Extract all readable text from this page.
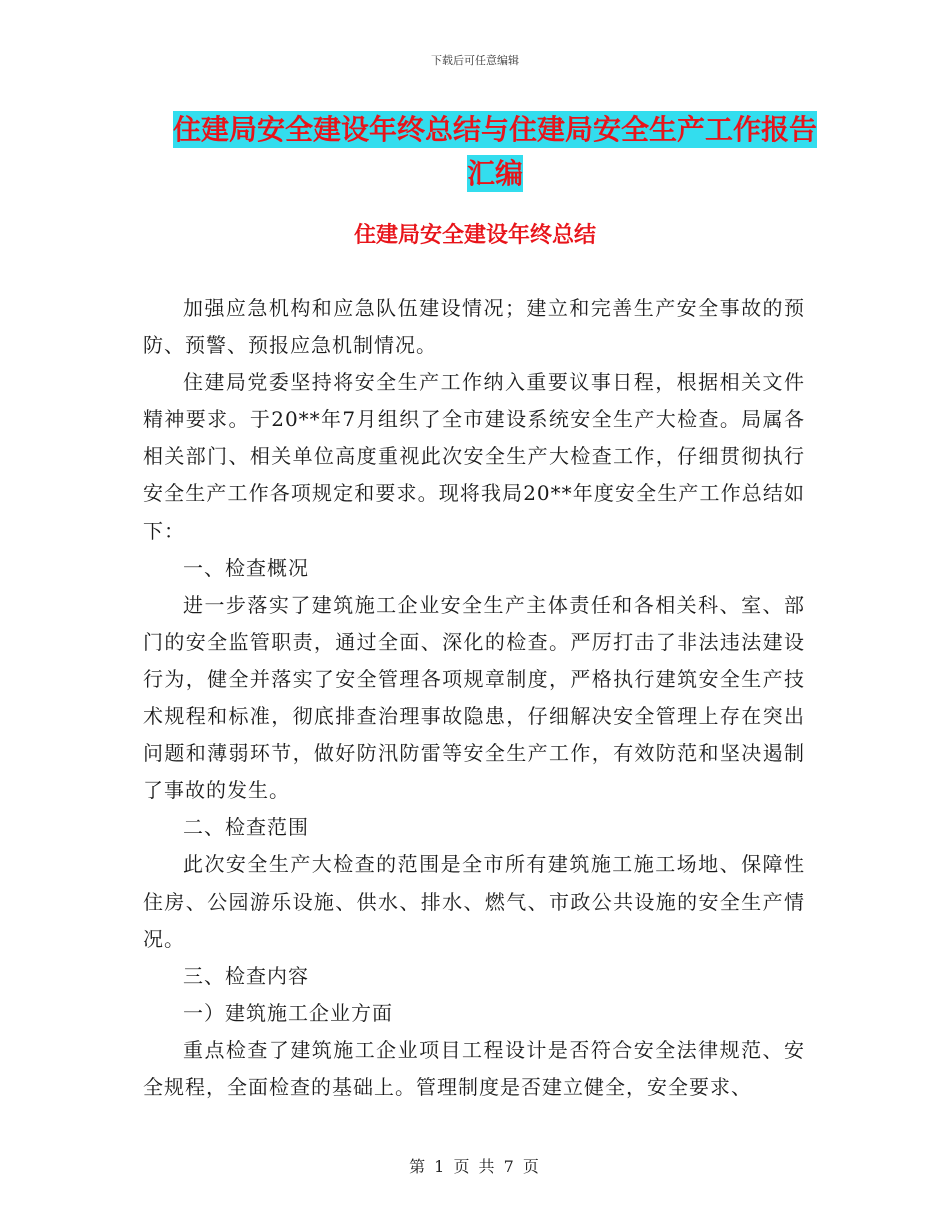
下载后可任意编辑
住建局安全建设年终总结与住建局安全生产工作报告
汇编
住建局安全建设年终总结

加强应急机构和应急队伍建设情况；建立和完善生产安全事故的预防、预警、预报应急机制情况。

住建局党委坚持将安全生产工作纳入重要议事日程，根据相关文件精神要求。于20**年7月组织了全市建设系统安全生产大检查。局属各相关部门、相关单位高度重视此次安全生产大检查工作，仔细贯彻执行安全生产工作各项规定和要求。现将我局20**年度安全生产工作总结如下：

一、检查概况

进一步落实了建筑施工企业安全生产主体责任和各相关科、室、部门的安全监管职责，通过全面、深化的检查。严厉打击了非法违法建设行为，健全并落实了安全管理各项规章制度，严格执行建筑安全生产技术规程和标准，彻底排查治理事故隐患，仔细解决安全管理上存在突出问题和薄弱环节，做好防汛防雷等安全生产工作，有效防范和坚决遏制了事故的发生。

二、检查范围

此次安全生产大检查的范围是全市所有建筑施工施工场地、保障性住房、公园游乐设施、供水、排水、燃气、市政公共设施的安全生产情况。

三、检查内容

一）建筑施工企业方面

重点检查了建筑施工企业项目工程设计是否符合安全法律规范、安全规程，全面检查的基础上。管理制度是否建立健全，安全要求、

第 1 页 共 7 页
